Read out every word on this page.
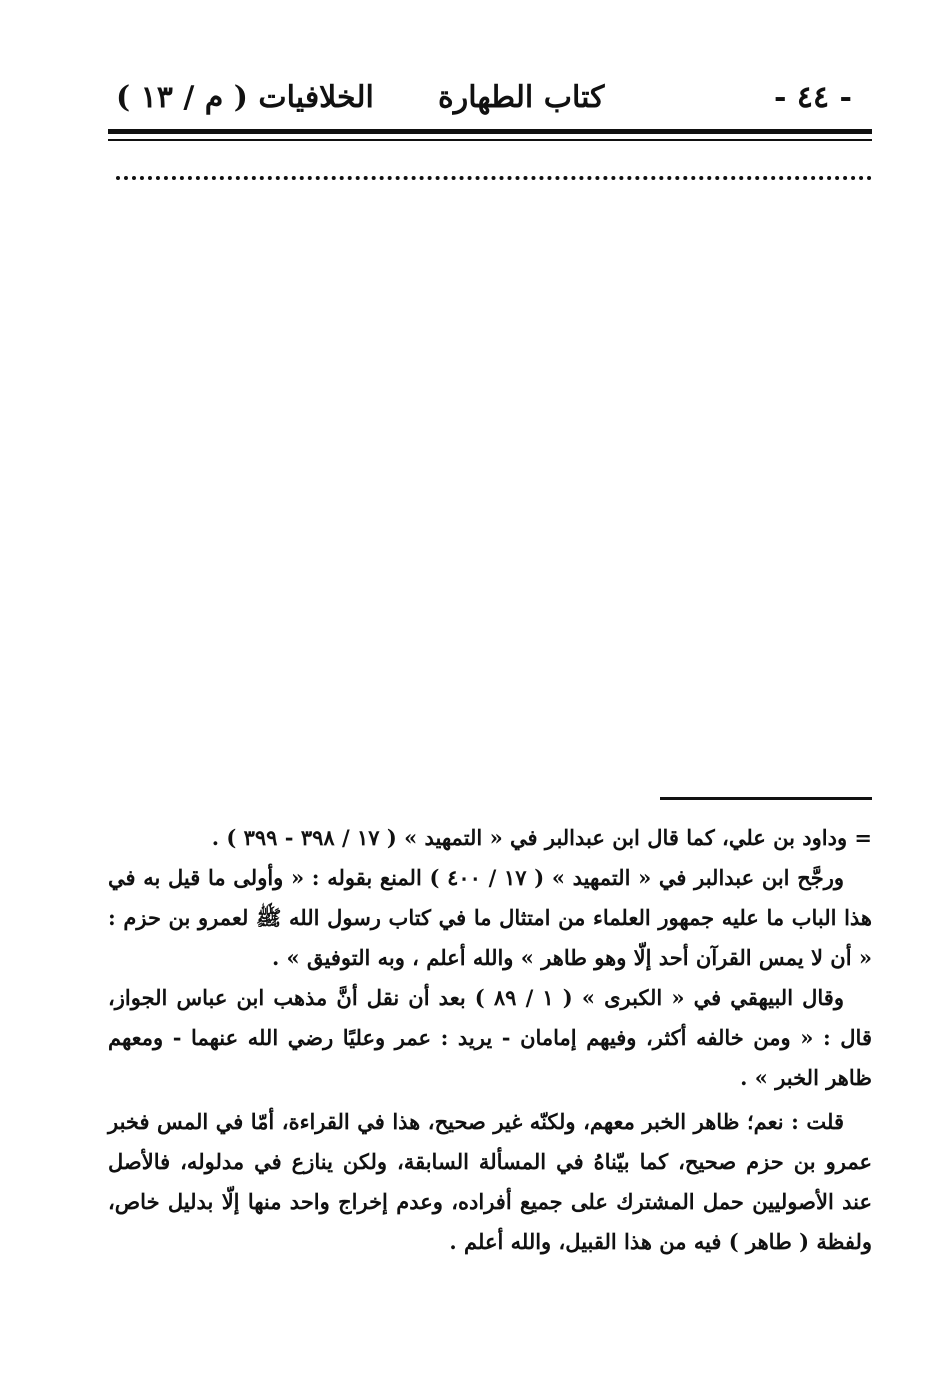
- ٤٤ -
كتاب الطهارة
الخلافيات ( م / ١٣ )

= وداود بن علي، كما قال ابن عبدالبر في « التمهيد » ( ١٧ / ٣٩٨ - ٣٩٩ ) .

ورجَّح ابن عبدالبر في « التمهيد » ( ١٧ / ٤٠٠ ) المنع بقوله : « وأولى ما قيل به في هذا الباب ما عليه جمهور العلماء من امتثال ما في كتاب رسول الله ﷺ لعمرو بن حزم : « أن لا يمس القرآن أحد إلّا وهو طاهر » والله أعلم ، وبه التوفيق » .

وقال البيهقي في « الكبرى » ( ١ / ٨٩ ) بعد أن نقل أنَّ مذهب ابن عباس الجواز، قال : « ومن خالفه أكثر، وفيهم إمامان - يريد : عمر وعليًا رضي الله عنهما - ومعهم ظاهر الخبر » .

قلت : نعم؛ ظاهر الخبر معهم، ولكنّه غير صحيح، هذا في القراءة، أمّا في المس فخبر عمرو بن حزم صحيح، كما بيّناهُ في المسألة السابقة، ولكن ينازع في مدلوله، فالأصل عند الأصوليين حمل المشترك على جميع أفراده، وعدم إخراج واحد منها إلّا بدليل خاص، ولفظة ( طاهر ) فيه من هذا القبيل، والله أعلم .
